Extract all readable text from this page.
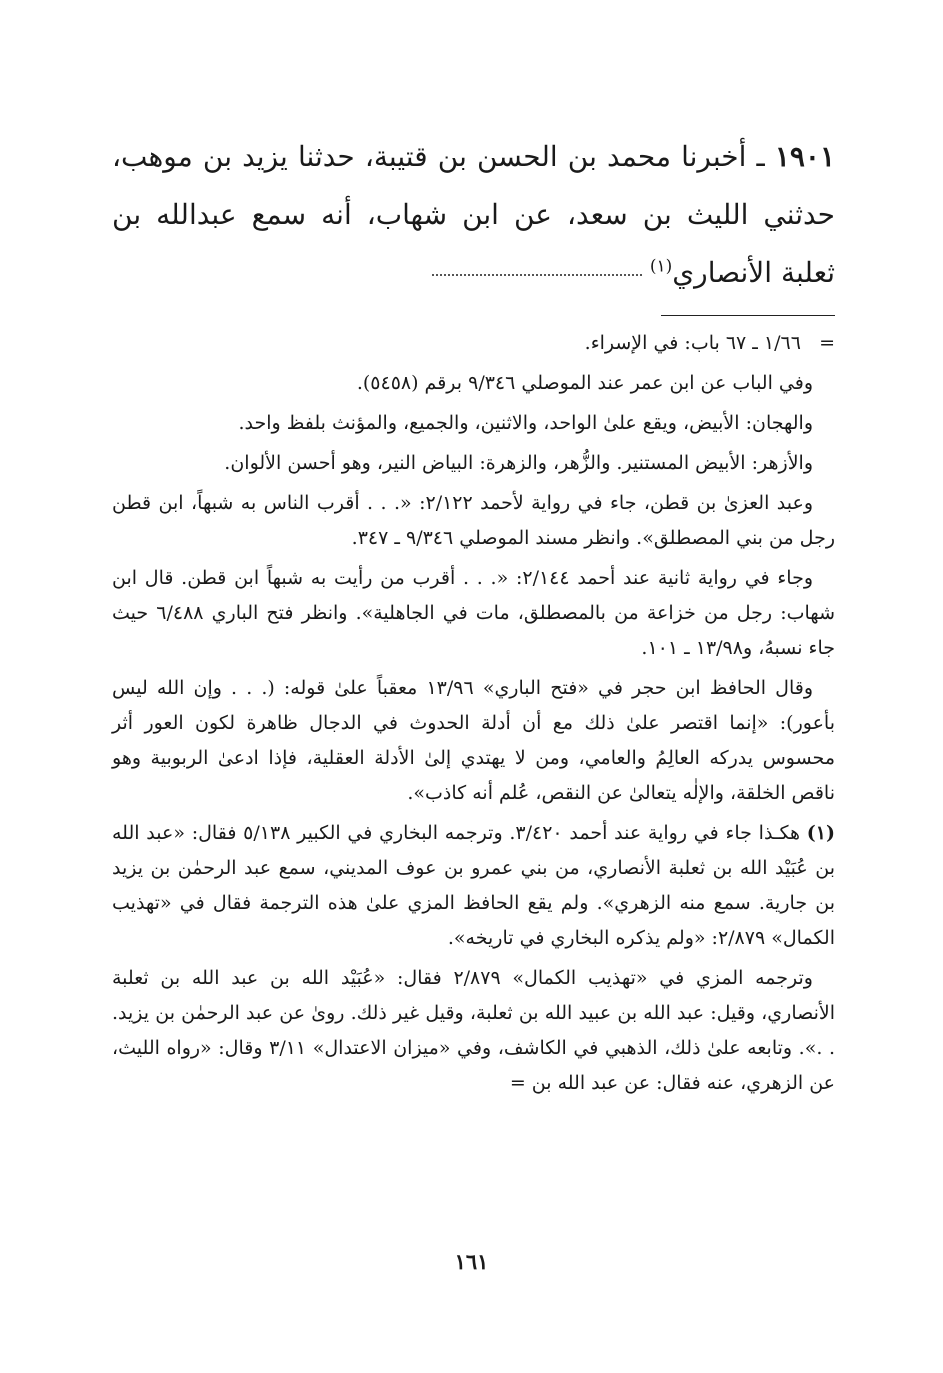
١٩٠١ ـ أخبرنا محمد بن الحسن بن قتيبة، حدثنا يزيد بن موهب، حدثني الليث بن سعد، عن ابن شهاب، أنه سمع عبدالله بن ثعلبة الأنصاري$^{(١)}$

= ١/٦٦ ـ ٦٧ باب: في الإسراء.

وفي الباب عن ابن عمر عند الموصلي ٩/٣٤٦ برقم (٥٤٥٨).

والهجان: الأبيض، ويقع علىٰ الواحد، والاثنين، والجميع، والمؤنث بلفظ واحد.

والأزهر: الأبيض المستنير. والزُّهر، والزهرة: البياض النير، وهو أحسن الألوان.

وعبد العزىٰ بن قطن، جاء في رواية لأحمد ٢/١٢٢: «. . . أقرب الناس به شبهاً، ابن قطن رجل من بني المصطلق». وانظر مسند الموصلي ٩/٣٤٦ ـ ٣٤٧.

وجاء في رواية ثانية عند أحمد ٢/١٤٤: «. . . أقرب من رأيت به شبهاً ابن قطن. قال ابن شهاب: رجل من خزاعة من بالمصطلق، مات في الجاهلية». وانظر فتح الباري ٦/٤٨٨ حيث جاء نسبهُ، و١٣/٩٨ ـ ١٠١.

وقال الحافظ ابن حجر في «فتح الباري» ١٣/٩٦ معقباً علىٰ قوله: (. . . وإن الله ليس بأعور): «إنما اقتصر علىٰ ذلك مع أن أدلة الحدوث في الدجال ظاهرة لكون العور أثر محسوس يدركه العالِمُ والعامي، ومن لا يهتدي إلىٰ الأدلة العقلية، فإذا ادعىٰ الربوبية وهو ناقص الخلقة، والإلٰه يتعالىٰ عن النقص، عُلم أنه كاذب».

(١) هكـذا جاء في رواية عند أحمد ٣/٤٢٠. وترجمه البخاري في الكبير ٥/١٣٨ فقال: «عبد الله بن عُبَيْد الله بن ثعلبة الأنصاري، من بني عمرو بن عوف المديني، سمع عبد الرحمٰن بن يزيد بن جارية. سمع منه الزهري». ولم يقع الحافظ المزي علىٰ هذه الترجمة فقال في «تهذيب الكمال» ٢/٨٧٩: «ولم يذكره البخاري في تاريخه».

وترجمه المزي في «تهذيب الكمال» ٢/٨٧٩ فقال: «عُبَيْد الله بن عبد الله بن ثعلبة الأنصاري، وقيل: عبد الله بن عبيد الله بن ثعلبة، وقيل غير ذلك. روىٰ عن عبد الرحمٰن بن يزيد. . .». وتابعه علىٰ ذلك، الذهبي في الكاشف، وفي «ميزان الاعتدال» ٣/١١ وقال: «رواه الليث، عن الزهري، عنه فقال: عن عبد الله بن =

١٦١
